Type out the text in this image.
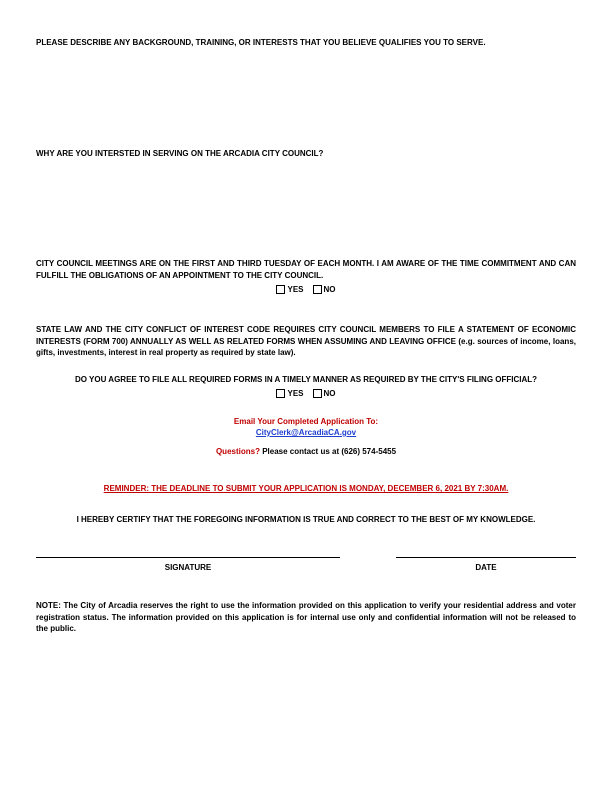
PLEASE DESCRIBE ANY BACKGROUND, TRAINING, OR INTERESTS THAT YOU BELIEVE QUALIFIES YOU TO SERVE.
WHY ARE YOU INTERSTED IN SERVING ON THE ARCADIA CITY COUNCIL?
CITY COUNCIL MEETINGS ARE ON THE FIRST AND THIRD TUESDAY OF EACH MONTH. I AM AWARE OF THE TIME COMMITMENT AND CAN FULFILL THE OBLIGATIONS OF AN APPOINTMENT TO THE CITY COUNCIL.
YES	NO
STATE LAW AND THE CITY CONFLICT OF INTEREST CODE REQUIRES CITY COUNCIL MEMBERS TO FILE A STATEMENT OF ECONOMIC INTERESTS (FORM 700) ANNUALLY AS WELL AS RELATED FORMS WHEN ASSUMING AND LEAVING OFFICE (e.g. sources of income, loans, gifts, investments, interest in real property as required by state law).
DO YOU AGREE TO FILE ALL REQUIRED FORMS IN A TIMELY MANNER AS REQUIRED BY THE CITY'S FILING OFFICIAL?
YES	NO
Email Your Completed Application To:
CityClerk@ArcadiaCA.gov
Questions? Please contact us at (626) 574-5455
REMINDER: THE DEADLINE TO SUBMIT YOUR APPLICATION IS MONDAY, DECEMBER 6, 2021 BY 7:30AM.
I HEREBY CERTIFY THAT THE FOREGOING INFORMATION IS TRUE AND CORRECT TO THE BEST OF MY KNOWLEDGE.
SIGNATURE	DATE
NOTE: The City of Arcadia reserves the right to use the information provided on this application to verify your residential address and voter registration status. The information provided on this application is for internal use only and confidential information will not be released to the public.
